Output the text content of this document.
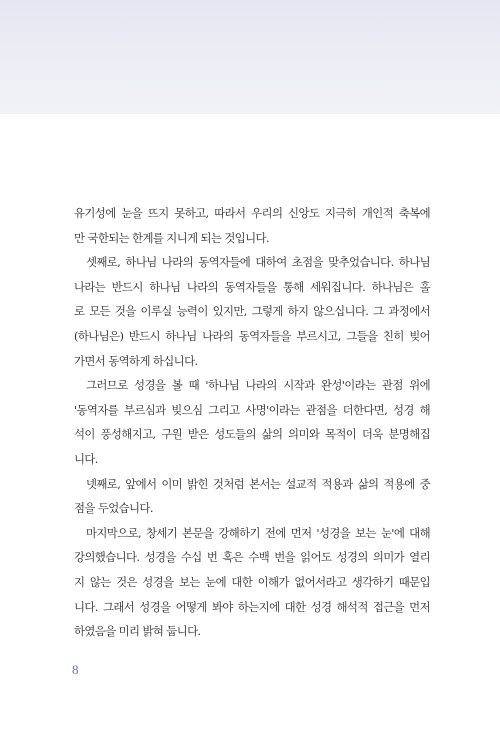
유기성에 눈을 뜨지 못하고, 따라서 우리의 신앙도 지극히 개인적 축복에
만 국한되는 한계를 지니게 되는 것입니다.
셋째로, 하나님 나라의 동역자들에 대하여 초점을 맞추었습니다. 하나님
나라는 반드시 하나님 나라의 동역자들을 통해 세워집니다. 하나님은 홀
로 모든 것을 이루실 능력이 있지만, 그렇게 하지 않으십니다. 그 과정에서
(하나님은) 반드시 하나님 나라의 동역자들을 부르시고, 그들을 친히 빚어
가면서 동역하게 하십니다.
그러므로 성경을 볼 때 '하나님 나라의 시작과 완성'이라는 관점 위에
'동역자를 부르심과 빚으심 그리고 사명'이라는 관점을 더한다면, 성경 해
석이 풍성해지고, 구원 받은 성도들의 삶의 의미와 목적이 더욱 분명해집
니다.
넷째로, 앞에서 이미 밝힌 것처럼 본서는 설교적 적용과 삶의 적용에 중
점을 두었습니다.
마지막으로, 창세기 본문을 강해하기 전에 먼저 '성경을 보는 눈'에 대해
강의했습니다. 성경을 수십 번 혹은 수백 번을 읽어도 성경의 의미가 열리
지 않는 것은 성경을 보는 눈에 대한 이해가 없어서라고 생각하기 때문입
니다. 그래서 성경을 어떻게 봐야 하는지에 대한 성경 해석적 접근을 먼저
하였음을 미리 밝혀 둡니다.
8
